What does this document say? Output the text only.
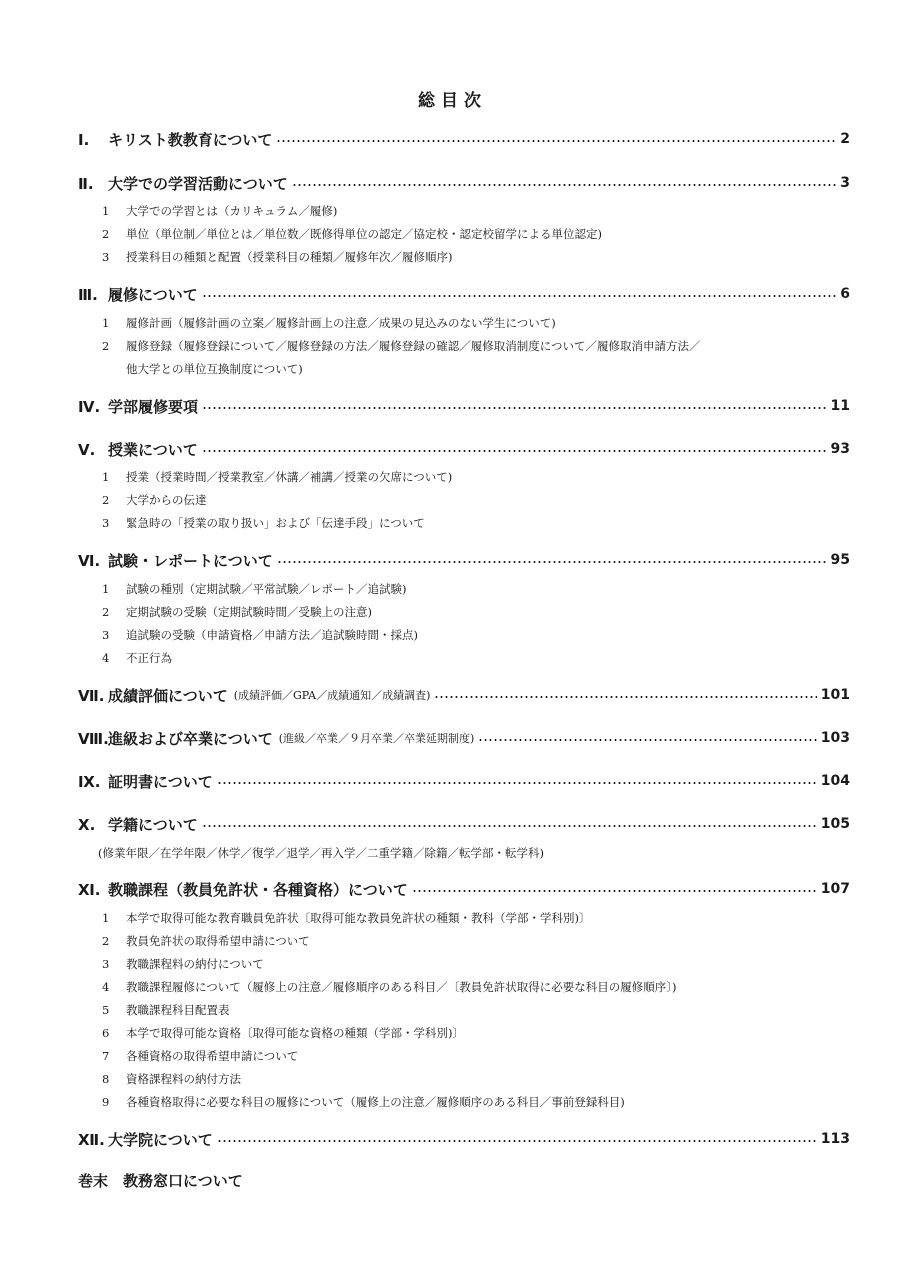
総目次
Ⅰ. キリスト教教育について	2
Ⅱ. 大学での学習活動について	3
1 大学での学習とは（カリキュラム／履修)
2 単位（単位制／単位とは／単位数／既修得単位の認定／協定校・認定校留学による単位認定)
3 授業科目の種類と配置（授業科目の種類／履修年次／履修順序)
Ⅲ. 履修について	6
1 履修計画（履修計画の立案／履修計画上の注意／成果の見込みのない学生について)
2 履修登録（履修登録について／履修登録の方法／履修登録の確認／履修取消制度について／履修取消申請方法／
他大学との単位互換制度について)
Ⅳ. 学部履修要項	11
Ⅴ. 授業について	93
1 授業（授業時間／授業教室／休講／補講／授業の欠席について)
2 大学からの伝達
3 緊急時の「授業の取り扱い」および「伝達手段」について
Ⅵ. 試験・レポートについて	95
1 試験の種別（定期試験／平常試験／レポート／追試験)
2 定期試験の受験（定期試験時間／受験上の注意)
3 追試験の受験（申請資格／申請方法／追試験時間・採点)
4 不正行為
Ⅶ. 成績評価について (成績評価／GPA／成績通知／成績調査)	101
Ⅷ.進級および卒業について (進級／卒業／９月卒業／卒業延期制度)	103
Ⅸ. 証明書について	104
Ⅹ. 学籍について	105
(修業年限／在学年限／休学／復学／退学／再入学／二重学籍／除籍／転学部・転学科)
Ⅺ. 教職課程（教員免許状・各種資格）について	107
1 本学で取得可能な教育職員免許状〔取得可能な教員免許状の種類・教科（学部・学科別)〕
2 教員免許状の取得希望申請について
3 教職課程料の納付について
4 教職課程履修について（履修上の注意／履修順序のある科目／〔教員免許状取得に必要な科目の履修順序〕)
5 教職課程科目配置表
6 本学で取得可能な資格〔取得可能な資格の種類（学部・学科別)〕
7 各種資格の取得希望申請について
8 資格課程料の納付方法
9 各種資格取得に必要な科目の履修について（履修上の注意／履修順序のある科目／事前登録科目)
Ⅻ. 大学院について	113
巻末　教務窓口について
